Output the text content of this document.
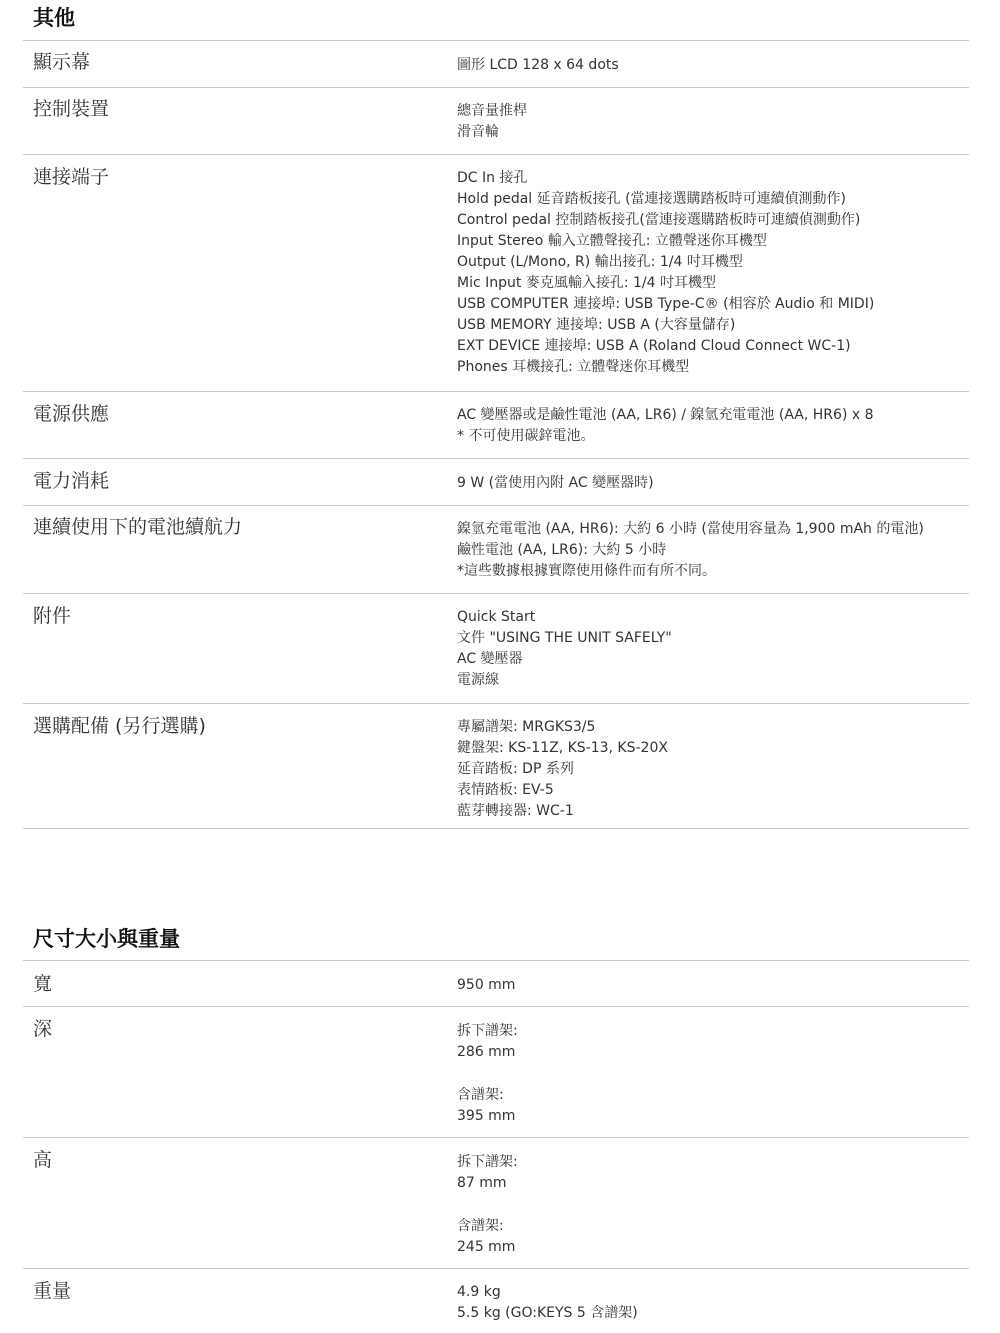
其他
顯示幕	圖形 LCD 128 x 64 dots
控制裝置	總音量推桿
滑音輪
連接端子	DC In 接孔
Hold pedal 延音踏板接孔 (當連接選購踏板時可連續偵測動作)
Control pedal 控制踏板接孔(當連接選購踏板時可連續偵測動作)
Input Stereo 輸入立體聲接孔: 立體聲迷你耳機型
Output (L/Mono, R) 輸出接孔: 1/4 吋耳機型
Mic Input 麥克風輸入接孔: 1/4 吋耳機型
USB COMPUTER 連接埠: USB Type-C® (相容於 Audio 和 MIDI)
USB MEMORY 連接埠: USB A (大容量儲存)
EXT DEVICE 連接埠: USB A (Roland Cloud Connect WC-1)
Phones 耳機接孔: 立體聲迷你耳機型
電源供應	AC 變壓器或是鹼性電池 (AA, LR6) / 鎳氫充電電池 (AA, HR6) x 8
* 不可使用碳鋅電池。
電力消耗	9 W (當使用內附 AC 變壓器時)
連續使用下的電池續航力	鎳氫充電電池 (AA, HR6): 大約 6 小時 (當使用容量為 1,900 mAh 的電池)
鹼性電池 (AA, LR6): 大約 5 小時
*這些數據根據實際使用條件而有所不同。
附件	Quick Start
文件 "USING THE UNIT SAFELY"
AC 變壓器
電源線
選購配備 (另行選購)	專屬譜架: MRGKS3/5
鍵盤架: KS-11Z, KS-13, KS-20X
延音踏板: DP 系列
表情踏板: EV-5
藍芽轉接器: WC-1
尺寸大小與重量
寬	950 mm
深	拆下譜架:
286 mm
含譜架:
395 mm
高	拆下譜架:
87 mm
含譜架:
245 mm
重量	4.9 kg
5.5 kg (GO:KEYS 5 含譜架)
